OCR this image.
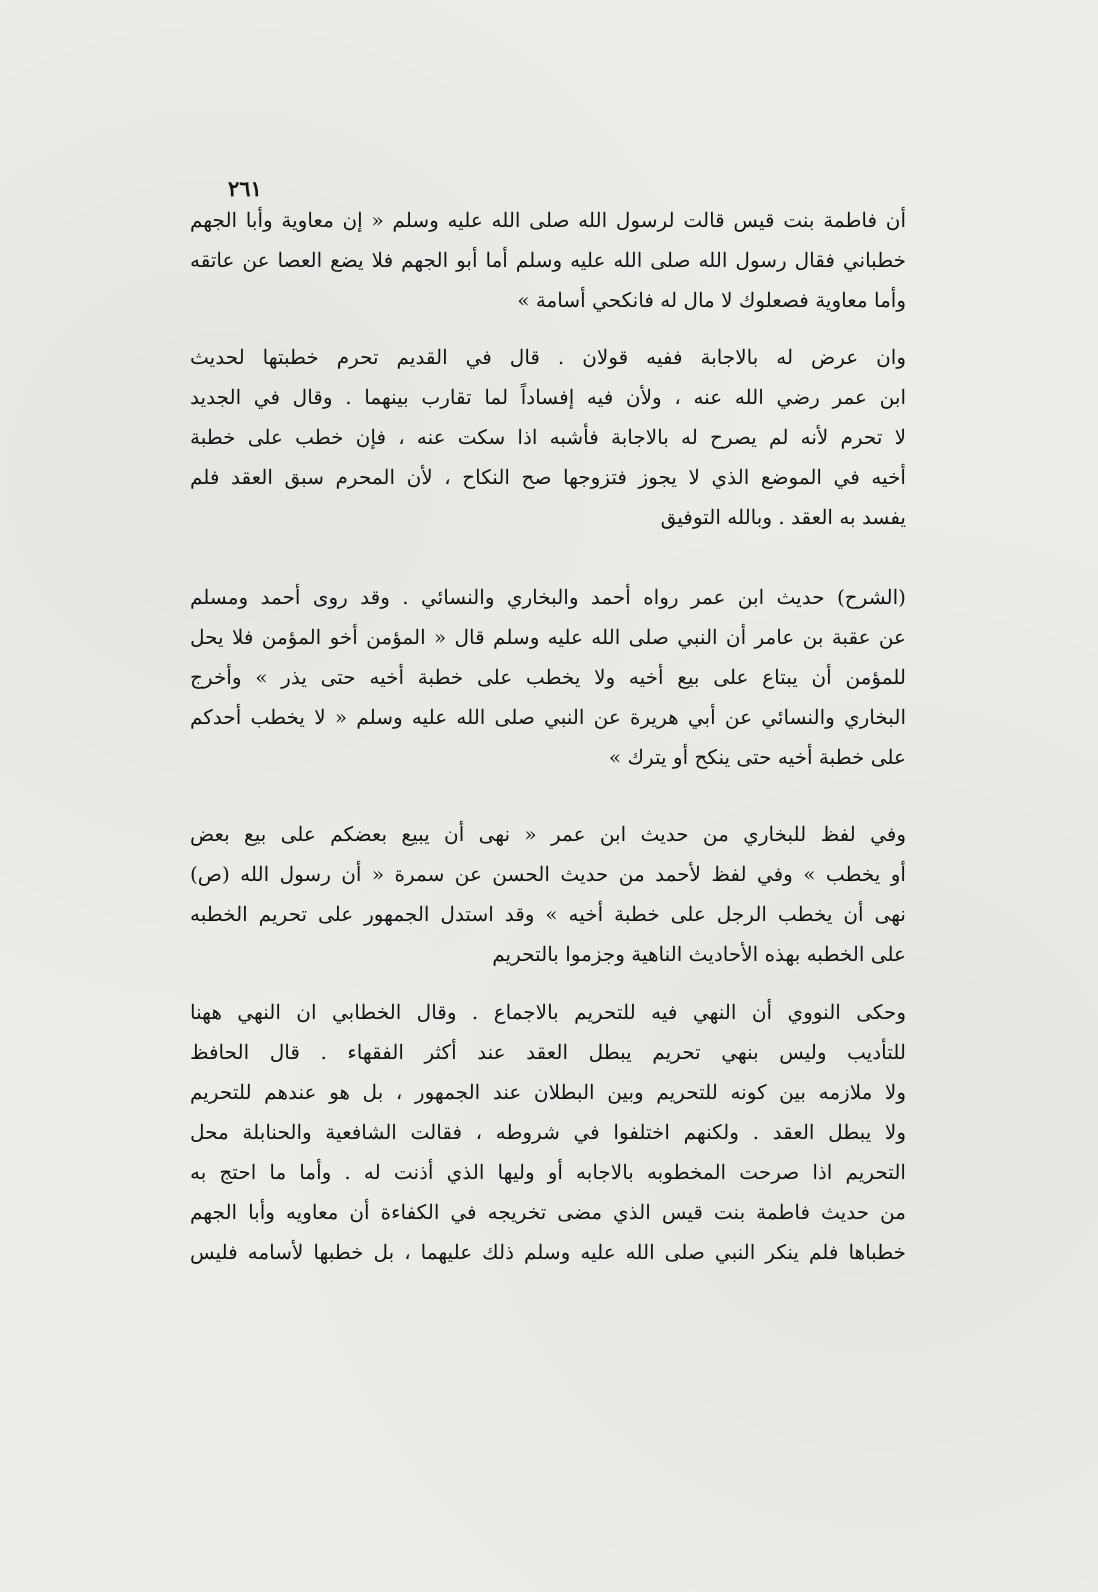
٢٦١
أن فاطمة بنت قيس قالت لرسول الله صلى الله عليه وسلم « إن معاوية وأبا الجهم
خطباني فقال رسول الله صلى الله عليه وسلم أما أبو الجهم فلا يضع العصا عن عاتقه
وأما معاوية فصعلوك لا مال له فانكحي أسامة »
وان عرض له بالاجابة ففيه قولان . قال في القديم تحرم خطبتها لحديث
ابن عمر رضي الله عنه ، ولأن فيه إفساداً لما تقارب بينهما . وقال في الجديد
لا تحرم لأنه لم يصرح له بالاجابة فأشبه اذا سكت عنه ، فإن خطب على خطبة
أخيه في الموضع الذي لا يجوز فتزوجها صح النكاح ، لأن المحرم سبق العقد فلم
يفسد به العقد . وبالله التوفيق
(الشرح) حديث ابن عمر رواه أحمد والبخاري والنسائي . وقد روى أحمد ومسلم
عن عقبة بن عامر أن النبي صلى الله عليه وسلم قال « المؤمن أخو المؤمن فلا يحل
للمؤمن أن يبتاع على بيع أخيه ولا يخطب على خطبة أخيه حتى يذر » وأخرج
البخاري والنسائي عن أبي هريرة عن النبي صلى الله عليه وسلم « لا يخطب أحدكم
على خطبة أخيه حتى ينكح أو يترك »
وفي لفظ للبخاري من حديث ابن عمر « نهى أن يبيع بعضكم على بيع بعض
أو يخطب » وفي لفظ لأحمد من حديث الحسن عن سمرة « أن رسول الله (ص)
نهى أن يخطب الرجل على خطبة أخيه » وقد استدل الجمهور على تحريم الخطبه
على الخطبه بهذه الأحاديث الناهية وجزموا بالتحريم
وحكى النووي أن النهي فيه للتحريم بالاجماع . وقال الخطابي ان النهي ههنا
للتأديب وليس بنهي تحريم يبطل العقد عند أكثر الفقهاء . قال الحافظ
ولا ملازمه بين كونه للتحريم وبين البطلان عند الجمهور ، بل هو عندهم للتحريم
ولا يبطل العقد . ولكنهم اختلفوا في شروطه ، فقالت الشافعية والحنابلة محل
التحريم اذا صرحت المخطوبه بالاجابه أو وليها الذي أذنت له . وأما ما احتج به
من حديث فاطمة بنت قيس الذي مضى تخريجه في الكفاءة أن معاويه وأبا الجهم
خطباها فلم ينكر النبي صلى الله عليه وسلم ذلك عليهما ، بل خطبها لأسامه فليس
